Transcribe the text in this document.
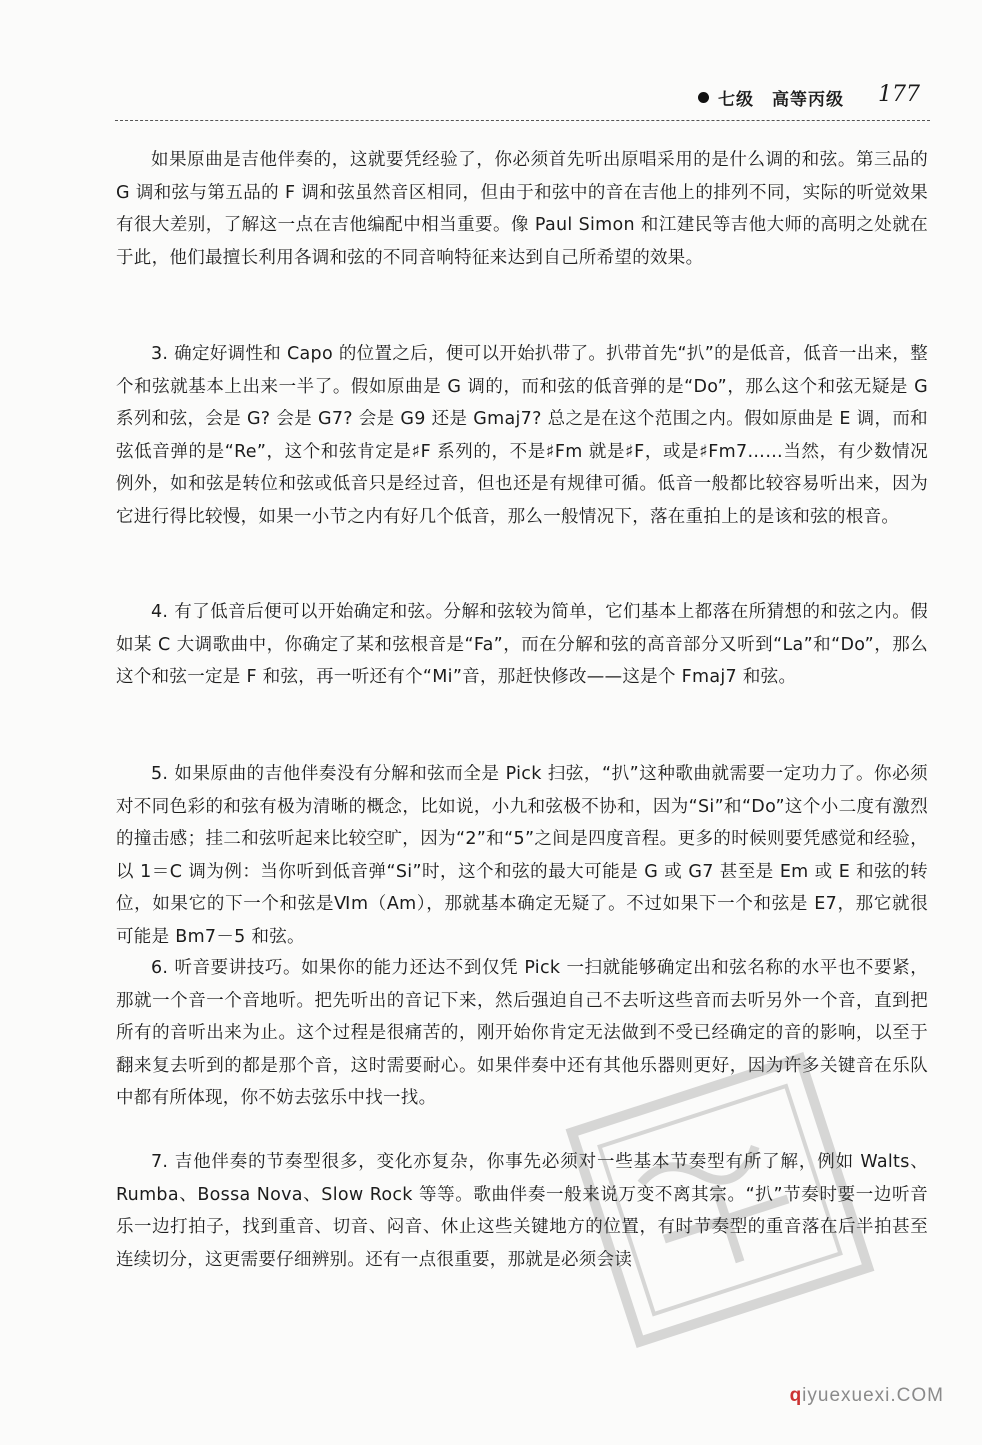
七级　高等丙级 177

如果原曲是吉他伴奏的，这就要凭经验了，你必须首先听出原唱采用的是什么调的和弦。第三品的 G 调和弦与第五品的 F 调和弦虽然音区相同，但由于和弦中的音在吉他上的排列不同，实际的听觉效果有很大差别，了解这一点在吉他编配中相当重要。像 Paul Simon 和江建民等吉他大师的高明之处就在于此，他们最擅长利用各调和弦的不同音响特征来达到自己所希望的效果。

3. 确定好调性和 Capo 的位置之后，便可以开始扒带了。扒带首先“扒”的是低音，低音一出来，整个和弦就基本上出来一半了。假如原曲是 G 调的，而和弦的低音弹的是“Do”，那么这个和弦无疑是 G 系列和弦，会是 G? 会是 G7? 会是 G9 还是 Gmaj7? 总之是在这个范围之内。假如原曲是 E 调，而和弦低音弹的是“Re”，这个和弦肯定是♯F 系列的，不是♯Fm 就是♯F，或是♯Fm7……当然，有少数情况例外，如和弦是转位和弦或低音只是经过音，但也还是有规律可循。低音一般都比较容易听出来，因为它进行得比较慢，如果一小节之内有好几个低音，那么一般情况下，落在重拍上的是该和弦的根音。

4. 有了低音后便可以开始确定和弦。分解和弦较为简单，它们基本上都落在所猜想的和弦之内。假如某 C 大调歌曲中，你确定了某和弦根音是“Fa”，而在分解和弦的高音部分又听到“La”和“Do”，那么这个和弦一定是 F 和弦，再一听还有个“Mi”音，那赶快修改——这是个 Fmaj7 和弦。

5. 如果原曲的吉他伴奏没有分解和弦而全是 Pick 扫弦，“扒”这种歌曲就需要一定功力了。你必须对不同色彩的和弦有极为清晰的概念，比如说，小九和弦极不协和，因为“Si”和“Do”这个小二度有激烈的撞击感；挂二和弦听起来比较空旷，因为“2”和“5”之间是四度音程。更多的时候则要凭感觉和经验，以 1＝C 调为例：当你听到低音弹“Si”时，这个和弦的最大可能是 G 或 G7 甚至是 Em 或 E 和弦的转位，如果它的下一个和弦是Ⅵm（Am），那就基本确定无疑了。不过如果下一个和弦是 E7，那它就很可能是 Bm7－5 和弦。

6. 听音要讲技巧。如果你的能力还达不到仅凭 Pick 一扫就能够确定出和弦名称的水平也不要紧，那就一个音一个音地听。把先听出的音记下来，然后强迫自己不去听这些音而去听另外一个音，直到把所有的音听出来为止。这个过程是很痛苦的，刚开始你肯定无法做到不受已经确定的音的影响，以至于翻来复去听到的都是那个音，这时需要耐心。如果伴奏中还有其他乐器则更好，因为许多关键音在乐队中都有所体现，你不妨去弦乐中找一找。

7. 吉他伴奏的节奏型很多，变化亦复杂，你事先必须对一些基本节奏型有所了解，例如 Walts、Rumba、Bossa Nova、Slow Rock 等等。歌曲伴奏一般来说万变不离其宗。“扒”节奏时要一边听音乐一边打拍子，找到重音、切音、闷音、休止这些关键地方的位置，有时节奏型的重音落在后半拍甚至连续切分，这更需要仔细辨别。还有一点很重要，那就是必须会读

qiyuexuexi.COM
